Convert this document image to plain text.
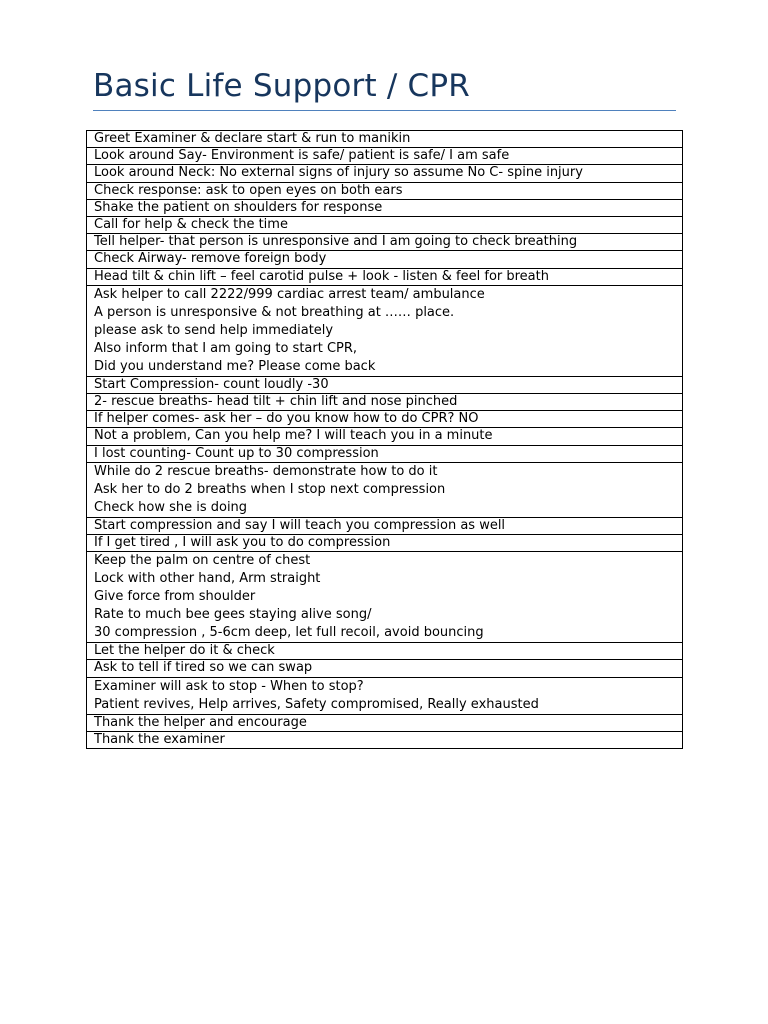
Basic Life Support / CPR
Greet Examiner & declare start & run to manikin

Look around Say- Environment is safe/ patient is safe/ I am safe

Look around Neck: No external signs of injury so assume No C- spine injury

Check response: ask to open eyes on both ears

Shake the patient on shoulders for response

Call for help & check the time

Tell helper- that person is unresponsive and I am going to check breathing

Check Airway- remove foreign body

Head tilt & chin lift – feel carotid pulse + look - listen & feel for breath

Ask helper to call 2222/999 cardiac arrest team/ ambulance
A person is unresponsive & not breathing at …… place.
please ask to send help immediately
Also inform that I am going to start CPR,
Did you understand me? Please come back

Start Compression- count loudly -30

2- rescue breaths- head tilt + chin lift and nose pinched

If helper comes- ask her – do you know how to do CPR? NO

Not a problem, Can you help me? I will teach you in a minute

I lost counting- Count up to 30 compression

While do 2 rescue breaths- demonstrate how to do it
Ask her to do 2 breaths when I stop next compression
Check how she is doing

Start compression and say I will teach you compression as well

If I get tired , I will ask you to do compression

Keep the palm on centre of chest
Lock with other hand, Arm straight
Give force from shoulder
Rate to much bee gees staying alive song/
30 compression , 5-6cm deep, let full recoil, avoid bouncing

Let the helper do it & check

Ask to tell if tired so we can swap

Examiner will ask to stop - When to stop?
Patient revives, Help arrives, Safety compromised, Really exhausted

Thank the helper and encourage

Thank the examiner
